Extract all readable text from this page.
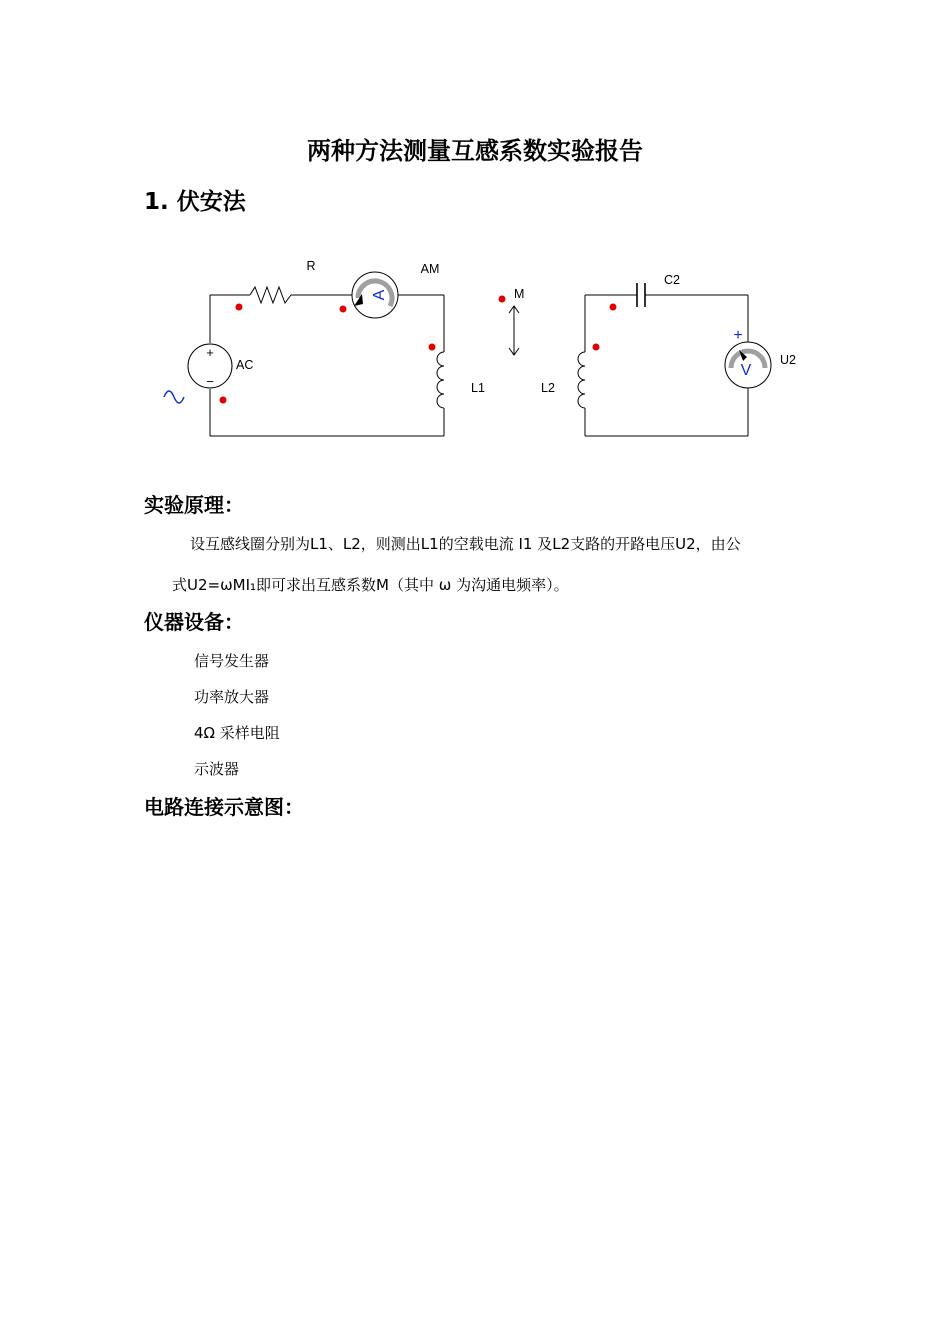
两种方法测量互感系数实验报告
1. 伏安法
+
−
A
V
+
R	AM
AC
L1
M
L2
C2
U2
实验原理：
设互感线圈分别为L1、L2，则测出L1的空载电流 I1 及L2支路的开路电压U2，由公
式U2=ωMI₁即可求出互感系数M（其中 ω 为沟通电频率）。
仪器设备：
信号发生器
功率放大器
4Ω 采样电阻
示波器
电路连接示意图：
